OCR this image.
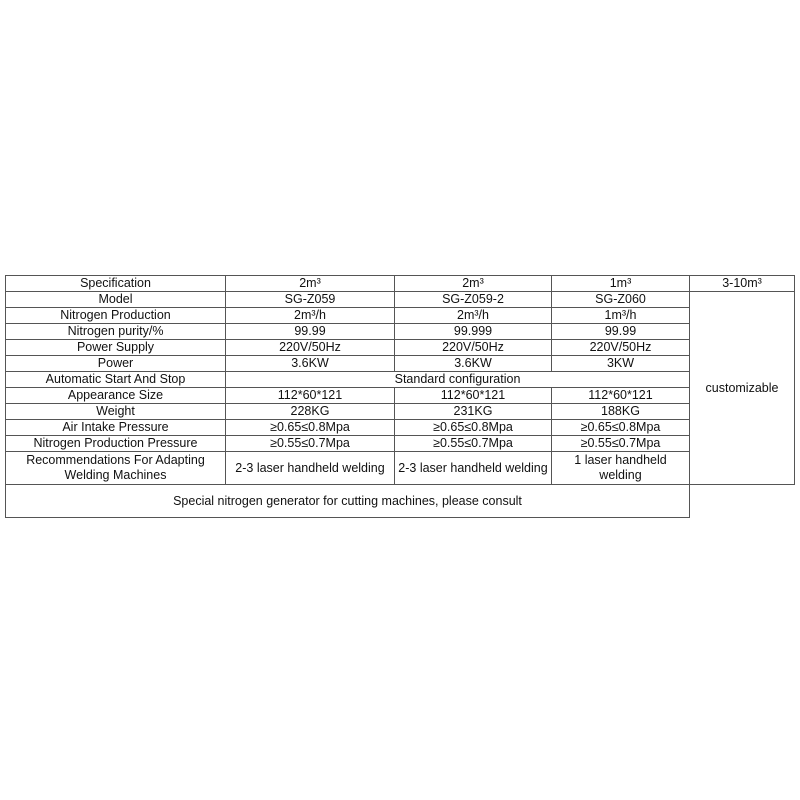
Specification	2m³	2m³	1m³	3-10m³
Model	SG-Z059	SG-Z059-2	SG-Z060	customizable
Nitrogen Production	2m³/h	2m³/h	1m³/h	
Nitrogen purity/%	99.99	99.999	99.99	
Power Supply	220V/50Hz	220V/50Hz	220V/50Hz	
Power	3.6KW	3.6KW	3KW	
Automatic Start And Stop	Standard configuration			
Appearance Size	112*60*121	112*60*121	112*60*121	
Weight	228KG	231KG	188KG	
Air Intake Pressure	≥0.65≤0.8Mpa	≥0.65≤0.8Mpa	≥0.65≤0.8Mpa	
Nitrogen Production Pressure	≥0.55≤0.7Mpa	≥0.55≤0.7Mpa	≥0.55≤0.7Mpa	
Recommendations For Adapting Welding Machines	2-3 laser handheld welding	2-3 laser handheld welding	1 laser handheld welding	
Special nitrogen generator for cutting machines, please consult				
